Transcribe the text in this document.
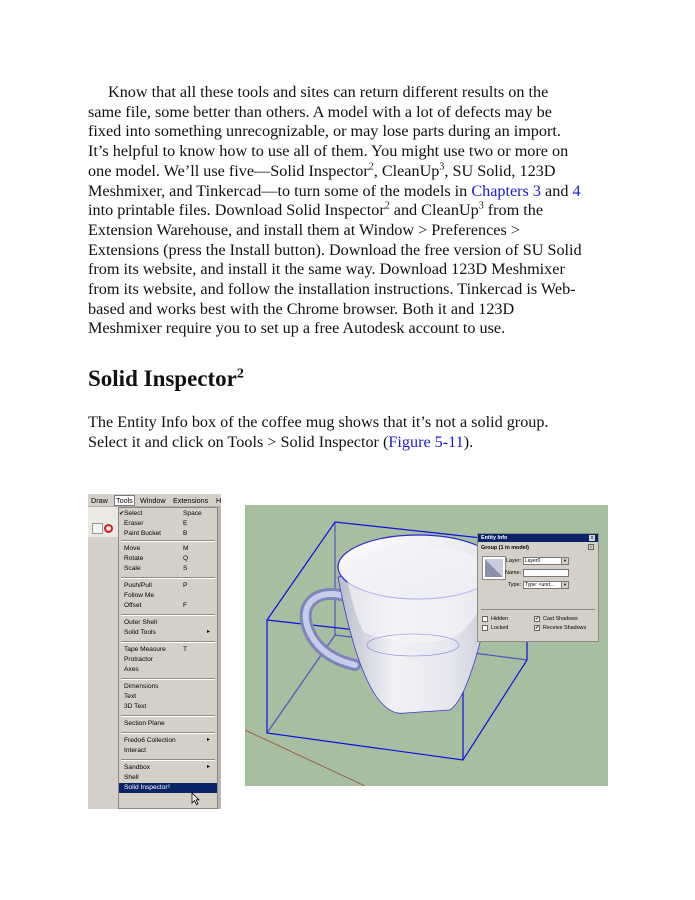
Know that all these tools and sites can return different results on the
same file, some better than others. A model with a lot of defects may be
fixed into something unrecognizable, or may lose parts during an import.
It’s helpful to know how to use all of them. You might use two or more on
one model. We’ll use five—Solid Inspector$^2$, CleanUp$^3$, SU Solid, 123D
Meshmixer, and Tinkercad—to turn some of the models in Chapters 3 and 4
into printable files. Download Solid Inspector$^2$ and CleanUp$^3$ from the
Extension Warehouse, and install them at Window > Preferences >
Extensions (press the Install button). Download the free version of SU Solid
from its website, and install it the same way. Download 123D Meshmixer
from its website, and follow the installation instructions. Tinkercad is Web-
based and works best with the Chrome browser. Both it and 123D
Meshmixer require you to set up a free Autodesk account to use.
Solid Inspector$^2$
The Entity Info box of the coffee mug shows that it’s not a solid group.
Select it and click on Tools > Solid Inspector (Figure 5-11).
Draw Tools Window Extensions H
✔ Select	Space
Eraser	E
Paint Bucket	B
Move	M
Rotate	Q
Scale	S
Push/Pull	P
Follow Me
Offset	F
Outer Shell
Solid Tools	▸
Tape Measure	T
Protractor
Axes
Dimensions
Text
3D Text
Section Plane
Fredo6 Collection	▸
Interact
Sandbox	▸
Shell
Solid Inspector²
Entity Info	x
Group (1 in model)	▪
Layer: Layer0	▼
Name:
Type: Type: <und...	▼
Hidden
Locked
✔ Cast Shadows
✔ Receive Shadows
